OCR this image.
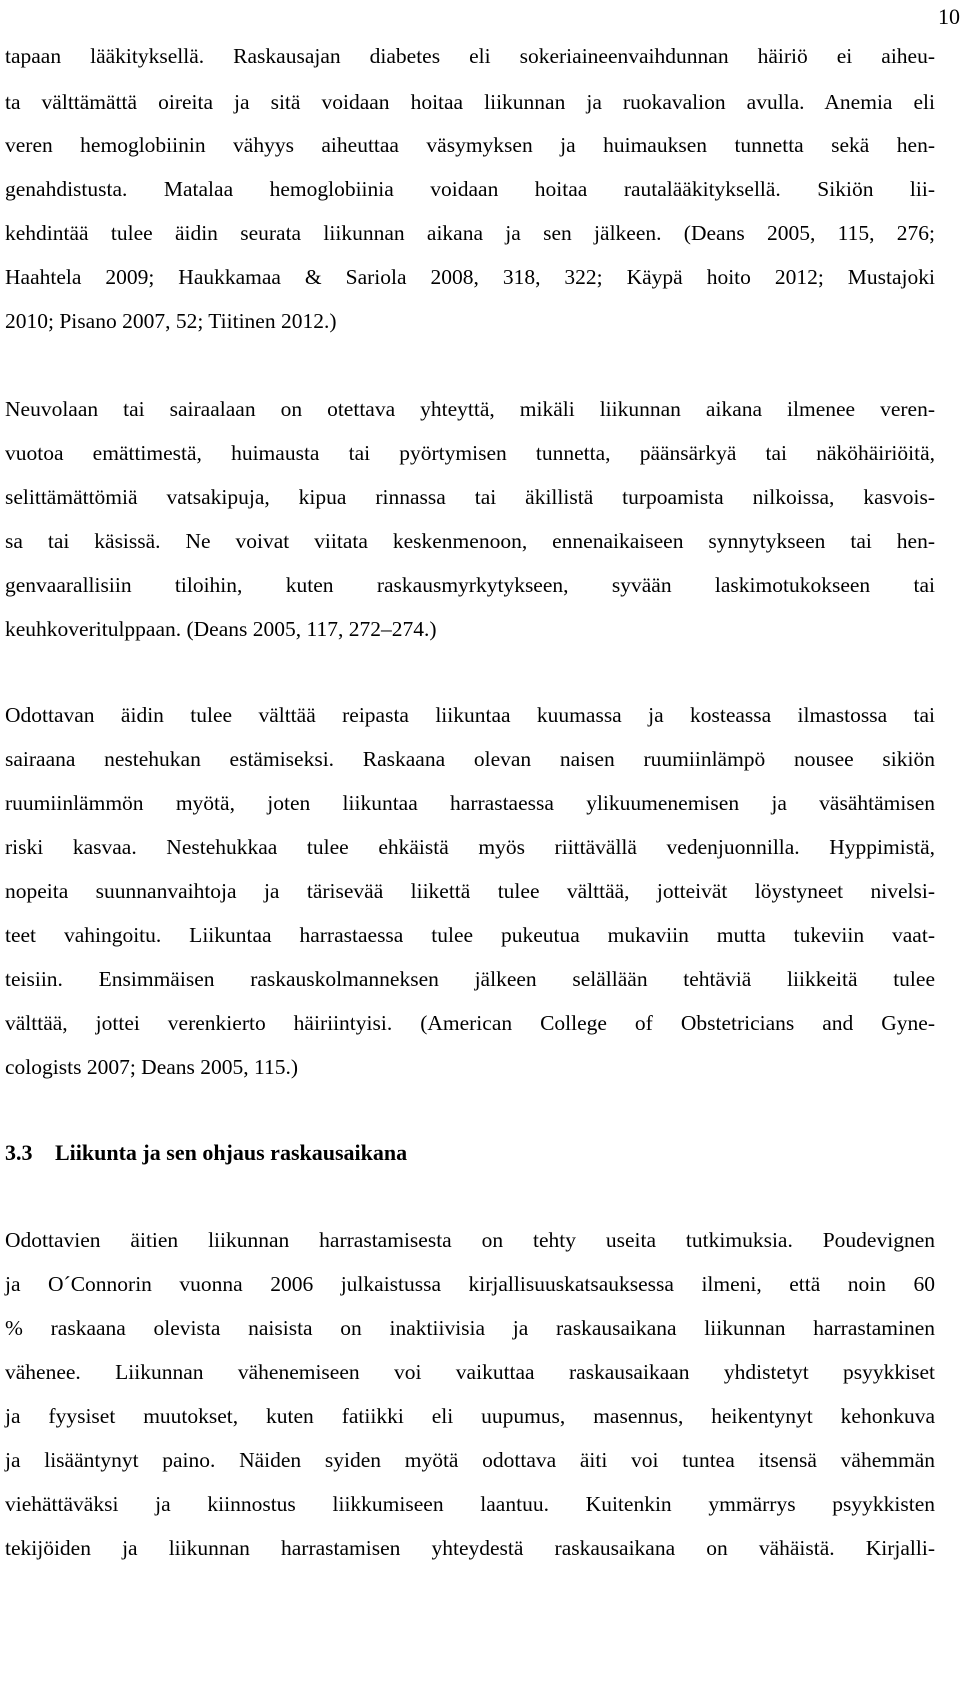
10
tapaan lääkityksellä. Raskausajan diabetes eli sokeriaineenvaihdunnan häiriö ei aiheu-
ta välttämättä oireita ja sitä voidaan hoitaa liikunnan ja ruokavalion avulla. Anemia eli
veren hemoglobiinin vähyys aiheuttaa väsymyksen ja huimauksen tunnetta sekä hen-
genahdistusta. Matalaa hemoglobiinia voidaan hoitaa rautalääkityksellä. Sikiön lii-
kehdintää tulee äidin seurata liikunnan aikana ja sen jälkeen. (Deans 2005, 115, 276;
Haahtela 2009; Haukkamaa & Sariola 2008, 318, 322; Käypä hoito 2012; Mustajoki
2010; Pisano 2007, 52; Tiitinen 2012.)
Neuvolaan tai sairaalaan on otettava yhteyttä, mikäli liikunnan aikana ilmenee veren-
vuotoa emättimestä, huimausta tai pyörtymisen tunnetta, päänsärkyä tai näköhäiriöitä,
selittämättömiä vatsakipuja, kipua rinnassa tai äkillistä turpoamista nilkoissa, kasvois-
sa tai käsissä. Ne voivat viitata keskenmenoon, ennenaikaiseen synnytykseen tai hen-
genvaarallisiin tiloihin, kuten raskausmyrkytykseen, syvään laskimotukokseen tai
keuhkoveritulppaan. (Deans 2005, 117, 272–274.)
Odottavan äidin tulee välttää reipasta liikuntaa kuumassa ja kosteassa ilmastossa tai
sairaana nestehukan estämiseksi. Raskaana olevan naisen ruumiinlämpö nousee sikiön
ruumiinlämmön myötä, joten liikuntaa harrastaessa ylikuumenemisen ja väsähtämisen
riski kasvaa. Nestehukkaa tulee ehkäistä myös riittävällä vedenjuonnilla. Hyppimistä,
nopeita suunnanvaihtoja ja tärisevää liikettä tulee välttää, jotteivät löystyneet nivelsi-
teet vahingoitu. Liikuntaa harrastaessa tulee pukeutua mukaviin mutta tukeviin vaat-
teisiin. Ensimmäisen raskauskolmanneksen jälkeen selällään tehtäviä liikkeitä tulee
välttää, jottei verenkierto häiriintyisi. (American College of Obstetricians and Gyne-
cologists 2007; Deans 2005, 115.)
3.3 Liikunta ja sen ohjaus raskausaikana
Odottavien äitien liikunnan harrastamisesta on tehty useita tutkimuksia. Poudevignen
ja O´Connorin vuonna 2006 julkaistussa kirjallisuuskatsauksessa ilmeni, että noin 60
% raskaana olevista naisista on inaktiivisia ja raskausaikana liikunnan harrastaminen
vähenee. Liikunnan vähenemiseen voi vaikuttaa raskausaikaan yhdistetyt psyykkiset
ja fyysiset muutokset, kuten fatiikki eli uupumus, masennus, heikentynyt kehonkuva
ja lisääntynyt paino. Näiden syiden myötä odottava äiti voi tuntea itsensä vähemmän
viehättäväksi ja kiinnostus liikkumiseen laantuu. Kuitenkin ymmärrys psyykkisten
tekijöiden ja liikunnan harrastamisen yhteydestä raskausaikana on vähäistä. Kirjalli-
